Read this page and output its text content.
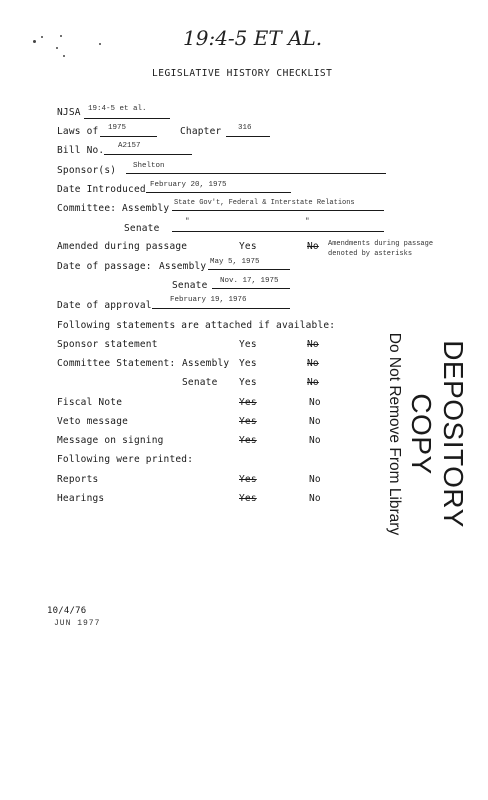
19:4-5 ET AL.
LEGISLATIVE HISTORY CHECKLIST
NJSA 19:4-5 et al.
Laws of 1975	Chapter 316
Bill No. A2157
Sponsor(s) Shelton
Date Introduced February 20, 1975
Committee: Assembly State Gov't, Federal & Interstate Relations
Senate
"	"
Amended during passage	Yes	No Amendments during passage
denoted by asterisks
Date of passage: Assembly May 5, 1975
Senate Nov. 17, 1975
Date of approval February 19, 1976
Following statements are attached if available:
Sponsor statement	Yes	No
Committee Statement: Assembly Yes	No
Senate Yes	No
Fiscal Note	Yes	No
Veto message	Yes	No
Message on signing	Yes	No
Following were printed:
Reports	Yes	No
Hearings	Yes	No	DEPOSITORY COPY
Do Not Remove From Library
10/4/76
JUN 1977
